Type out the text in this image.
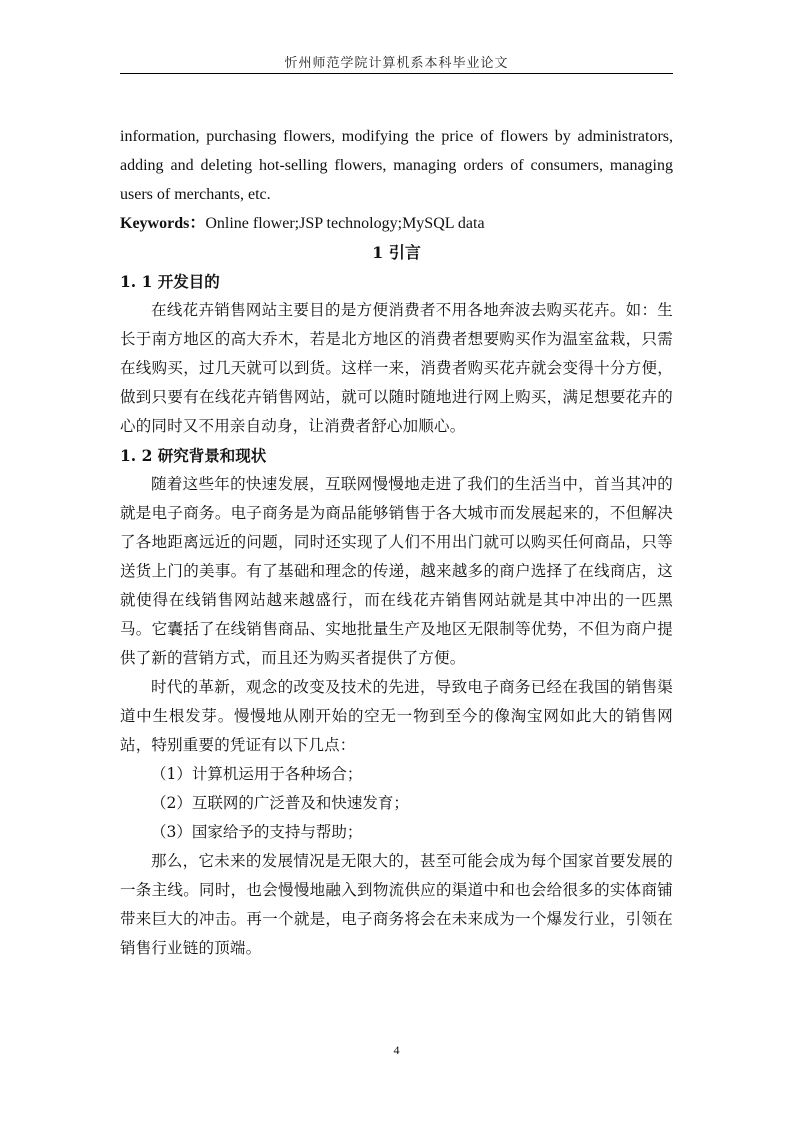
忻州师范学院计算机系本科毕业论文

information, purchasing flowers, modifying the price of flowers by administrators, adding and deleting hot-selling flowers, managing orders of consumers, managing users of merchants, etc.

Keywords：Online flower;JSP technology;MySQL data

1 引言

1. 1 开发目的

在线花卉销售网站主要目的是方便消费者不用各地奔波去购买花卉。如：生长于南方地区的高大乔木，若是北方地区的消费者想要购买作为温室盆栽，只需在线购买，过几天就可以到货。这样一来，消费者购买花卉就会变得十分方便，做到只要有在线花卉销售网站，就可以随时随地进行网上购买，满足想要花卉的心的同时又不用亲自动身，让消费者舒心加顺心。

1. 2 研究背景和现状

随着这些年的快速发展，互联网慢慢地走进了我们的生活当中，首当其冲的就是电子商务。电子商务是为商品能够销售于各大城市而发展起来的，不但解决了各地距离远近的问题，同时还实现了人们不用出门就可以购买任何商品，只等送货上门的美事。有了基础和理念的传递，越来越多的商户选择了在线商店，这就使得在线销售网站越来越盛行，而在线花卉销售网站就是其中冲出的一匹黑马。它囊括了在线销售商品、实地批量生产及地区无限制等优势，不但为商户提供了新的营销方式，而且还为购买者提供了方便。

时代的革新，观念的改变及技术的先进，导致电子商务已经在我国的销售渠道中生根发芽。慢慢地从刚开始的空无一物到至今的像淘宝网如此大的销售网站，特别重要的凭证有以下几点：

（1）计算机运用于各种场合；

（2）互联网的广泛普及和快速发育；

（3）国家给予的支持与帮助；

那么，它未来的发展情况是无限大的，甚至可能会成为每个国家首要发展的一条主线。同时，也会慢慢地融入到物流供应的渠道中和也会给很多的实体商铺带来巨大的冲击。再一个就是，电子商务将会在未来成为一个爆发行业，引领在销售行业链的顶端。

4
